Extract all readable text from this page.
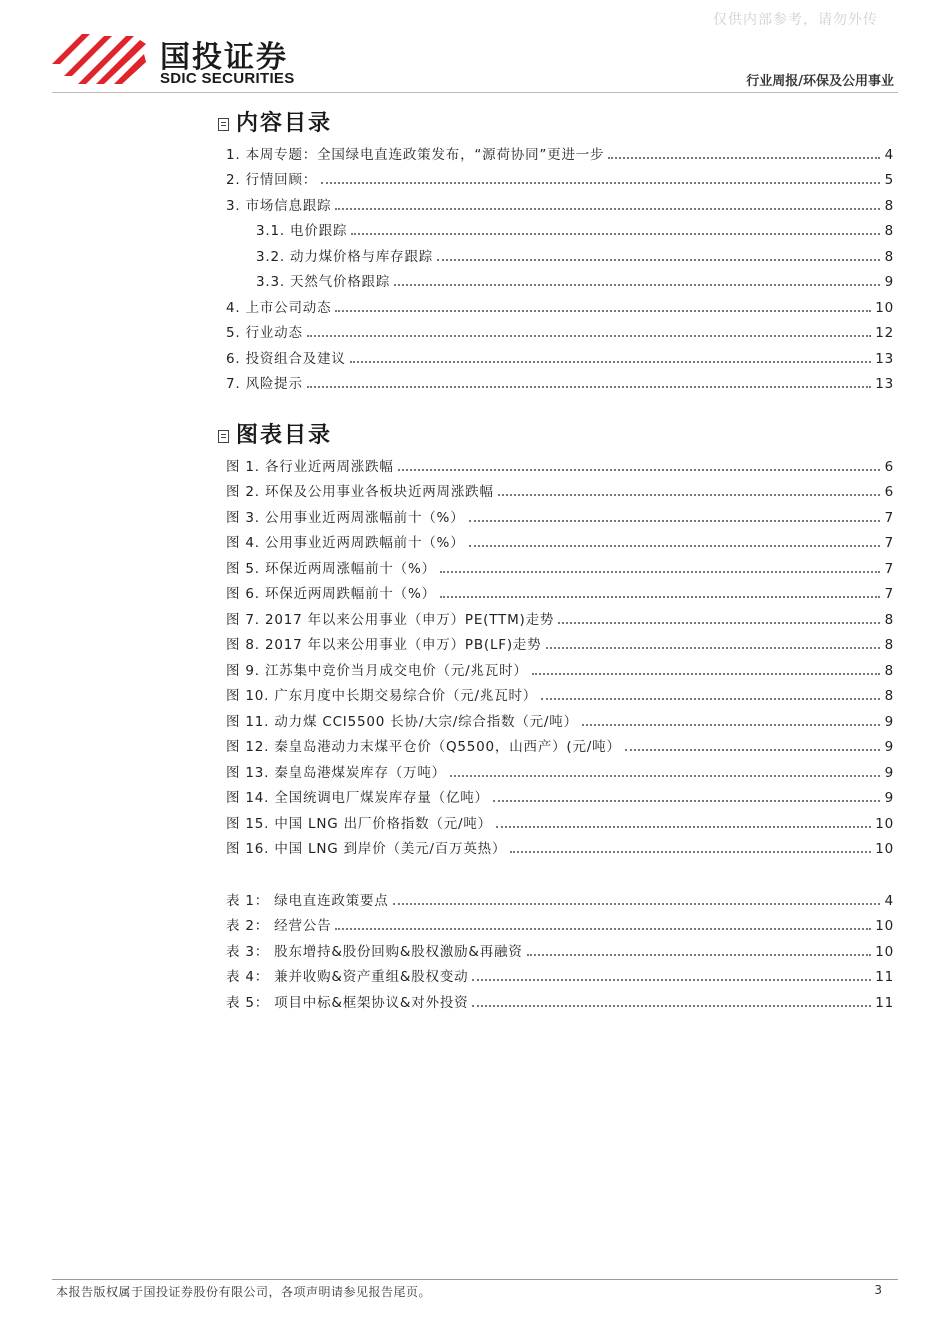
仅供内部参考，请勿外传
国投证券
SDIC SECURITIES	行业周报/环保及公用事业
内容目录
1. 本周专题：全国绿电直连政策发布，“源荷协同”更进一步	4
2. 行情回顾：	5
3. 市场信息跟踪	8
3.1. 电价跟踪	8
3.2. 动力煤价格与库存跟踪	8
3.3. 天然气价格跟踪	9
4. 上市公司动态	10
5. 行业动态	12
6. 投资组合及建议	13
7. 风险提示	13
图表目录
图 1. 各行业近两周涨跌幅	6
图 2. 环保及公用事业各板块近两周涨跌幅	6
图 3. 公用事业近两周涨幅前十（%）	7
图 4. 公用事业近两周跌幅前十（%）	7
图 5. 环保近两周涨幅前十（%）	7
图 6. 环保近两周跌幅前十（%）	7
图 7. 2017 年以来公用事业（申万）PE(TTM)走势	8
图 8. 2017 年以来公用事业（申万）PB(LF)走势	8
图 9. 江苏集中竞价当月成交电价（元/兆瓦时）	8
图 10. 广东月度中长期交易综合价（元/兆瓦时）	8
图 11. 动力煤 CCI5500 长协/大宗/综合指数（元/吨）	9
图 12. 秦皇岛港动力末煤平仓价（Q5500，山西产）(元/吨）	9
图 13. 秦皇岛港煤炭库存（万吨）	9
图 14. 全国统调电厂煤炭库存量（亿吨）	9
图 15. 中国 LNG 出厂价格指数（元/吨）	10
图 16. 中国 LNG 到岸价（美元/百万英热）	10
表 1： 绿电直连政策要点	4
表 2： 经营公告	10
表 3： 股东增持&股份回购&股权激励&再融资	10
表 4： 兼并收购&资产重组&股权变动	11
表 5： 项目中标&框架协议&对外投资	11
本报告版权属于国投证券股份有限公司，各项声明请参见报告尾页。	3
